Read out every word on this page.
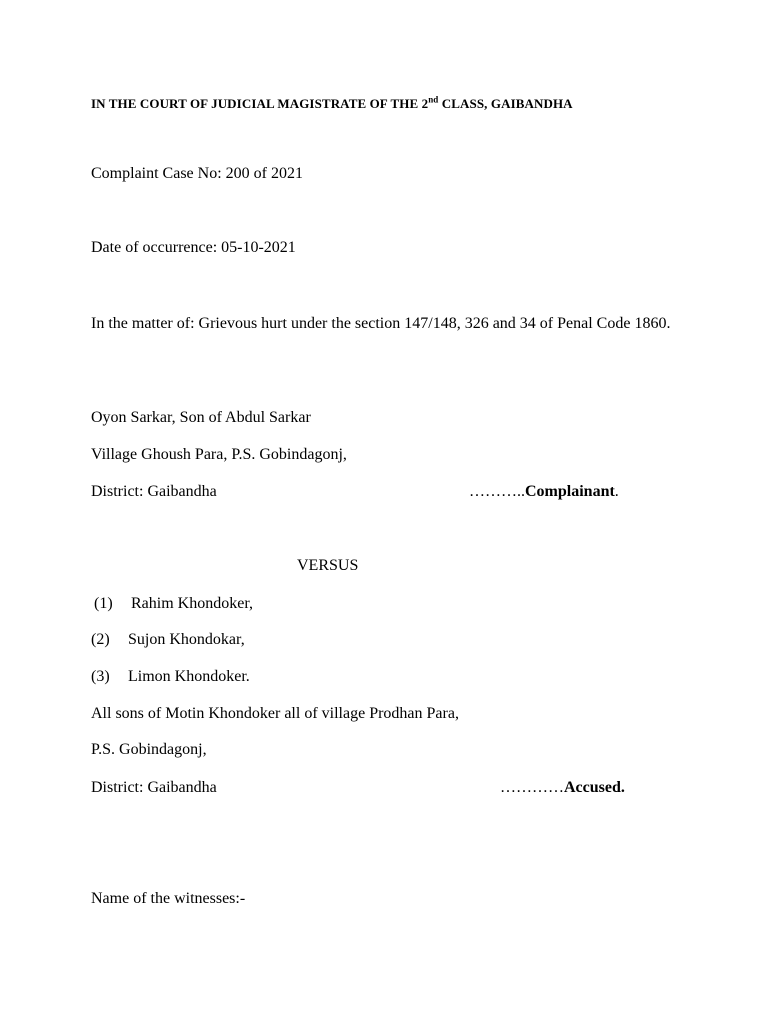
IN THE COURT OF JUDICIAL MAGISTRATE OF THE 2nd CLASS, GAIBANDHA
Complaint Case No: 200 of 2021
Date of occurrence: 05-10-2021
In the matter of: Grievous hurt under the section 147/148, 326 and 34 of Penal Code 1860.
Oyon Sarkar, Son of Abdul Sarkar
Village Ghoush Para, P.S. Gobindagonj,
District: Gaibandha	………..Complainant.
VERSUS
(1) Rahim Khondoker,
(2) Sujon Khondokar,
(3) Limon Khondoker.
All sons of Motin Khondoker all of village Prodhan Para,
P.S. Gobindagonj,
District: Gaibandha	…………Accused.
Name of the witnesses:-
